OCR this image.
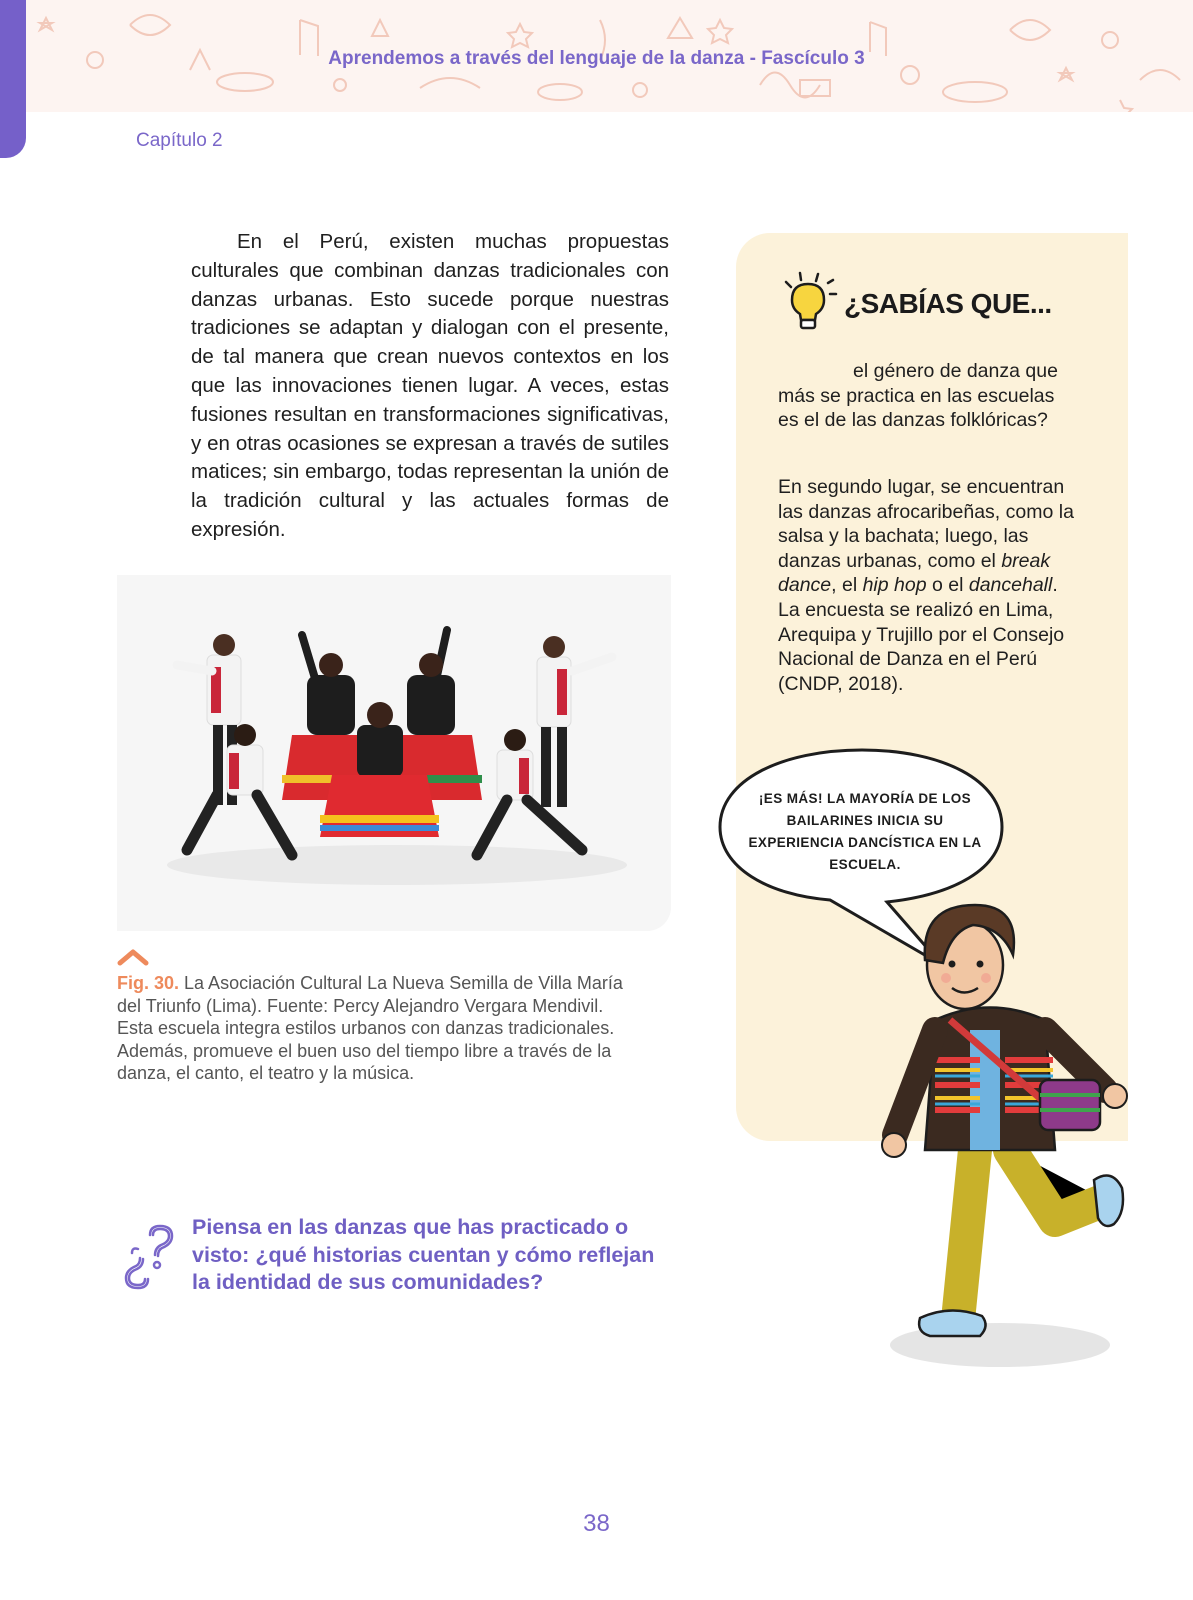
Aprendemos a través del lenguaje de la danza - Fascículo 3
Capítulo 2

En el Perú, existen muchas propuestas culturales que combinan danzas tradicionales con danzas urbanas. Esto sucede porque nuestras tradiciones se adaptan y dialogan con el presente, de tal manera que crean nuevos contextos en los que las innovaciones tienen lugar. A veces, estas fusiones resultan en transformaciones significativas, y en otras ocasiones se expresan a través de sutiles matices; sin embargo, todas representan la unión de la tradición cultural y las actuales formas de expresión.

Fig. 30. La Asociación Cultural La Nueva Semilla de Villa María del Triunfo (Lima). Fuente: Percy Alejandro Vergara Mendivil. Esta escuela integra estilos urbanos con danzas tradicionales. Además, promueve el buen uso del tiempo libre a través de la danza, el canto, el teatro y la música.

Piensa en las danzas que has practicado o visto: ¿qué historias cuentan y cómo reflejan la identidad de sus comunidades?

¿SABÍAS QUE...

el género de danza que más se practica en las escuelas es el de las danzas folklóricas?

En segundo lugar, se encuentran las danzas afrocaribeñas, como la salsa y la bachata; luego, las danzas urbanas, como el break dance, el hip hop o el dancehall. La encuesta se realizó en Lima, Arequipa y Trujillo por el Consejo Nacional de Danza en el Perú (CNDP, 2018).

¡ES MÁS! LA MAYORÍA DE LOS BAILARINES INICIA SU EXPERIENCIA DANCÍSTICA EN LA ESCUELA.

38
